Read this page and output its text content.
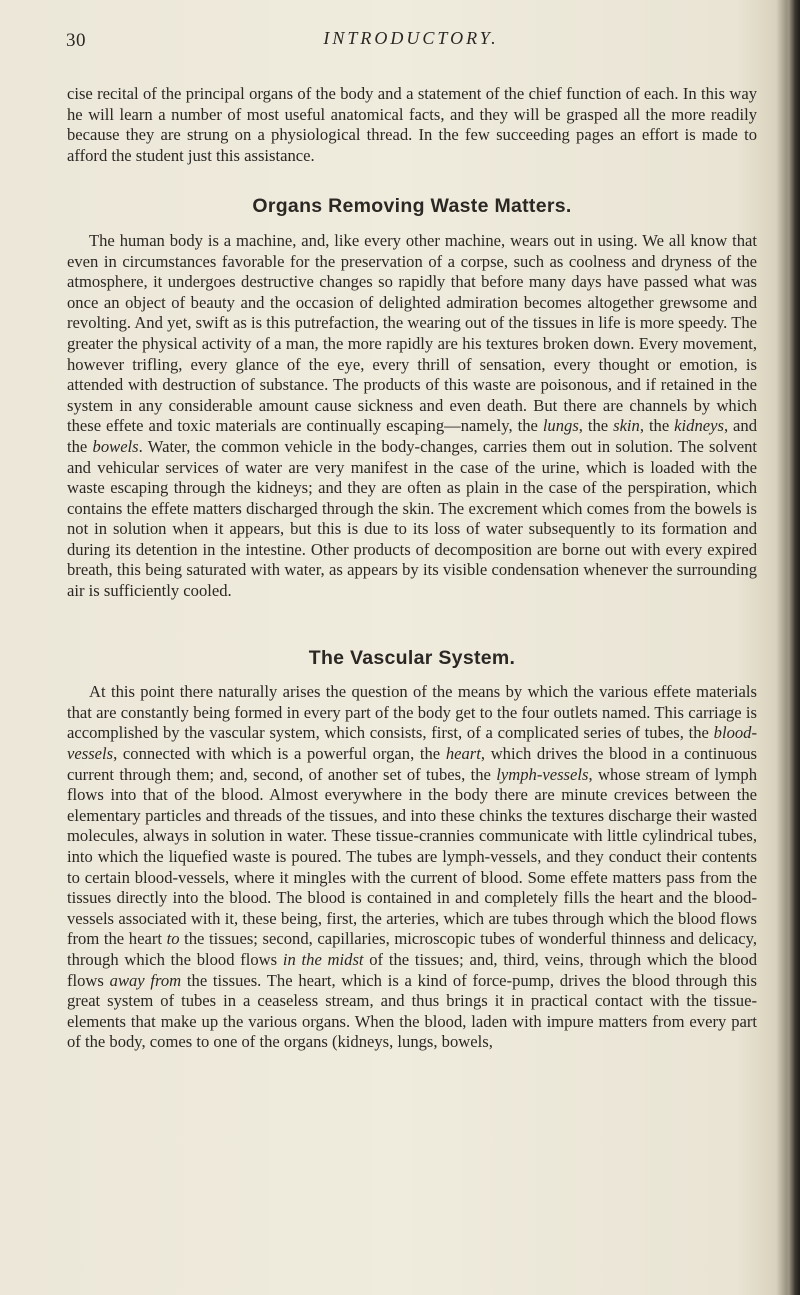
30	INTRODUCTORY.

cise recital of the principal organs of the body and a statement of the chief function of each. In this way he will learn a number of most useful anatomical facts, and they will be grasped all the more readily because they are strung on a physiological thread. In the few succeeding pages an effort is made to afford the student just this assistance.

Organs Removing Waste Matters.

The human body is a machine, and, like every other machine, wears out in using. We all know that even in circumstances favorable for the preservation of a corpse, such as coolness and dryness of the atmosphere, it undergoes destructive changes so rapidly that before many days have passed what was once an object of beauty and the occasion of delighted admiration becomes altogether grewsome and revolting. And yet, swift as is this putrefaction, the wearing out of the tissues in life is more speedy. The greater the physical activity of a man, the more rapidly are his textures broken down. Every movement, however trifling, every glance of the eye, every thrill of sensation, every thought or emotion, is attended with destruction of substance. The products of this waste are poisonous, and if retained in the system in any considerable amount cause sickness and even death. But there are channels by which these effete and toxic materials are continually escaping—namely, the lungs, the skin, the kidneys, and the bowels. Water, the common vehicle in the body-changes, carries them out in solution. The solvent and vehicular services of water are very manifest in the case of the urine, which is loaded with the waste escaping through the kidneys; and they are often as plain in the case of the perspiration, which contains the effete matters discharged through the skin. The excrement which comes from the bowels is not in solution when it appears, but this is due to its loss of water subsequently to its formation and during its detention in the intestine. Other products of decomposition are borne out with every expired breath, this being saturated with water, as appears by its visible condensation whenever the surrounding air is sufficiently cooled.

The Vascular System.

At this point there naturally arises the question of the means by which the various effete materials that are constantly being formed in every part of the body get to the four outlets named. This carriage is accomplished by the vascular system, which consists, first, of a complicated series of tubes, the blood-vessels, connected with which is a powerful organ, the heart, which drives the blood in a continuous current through them; and, second, of another set of tubes, the lymph-vessels, whose stream of lymph flows into that of the blood. Almost everywhere in the body there are minute crevices between the elementary particles and threads of the tissues, and into these chinks the textures discharge their wasted molecules, always in solution in water. These tissue-crannies communicate with little cylindrical tubes, into which the liquefied waste is poured. The tubes are lymph-vessels, and they conduct their contents to certain blood-vessels, where it mingles with the current of blood. Some effete matters pass from the tissues directly into the blood. The blood is contained in and completely fills the heart and the blood-vessels associated with it, these being, first, the arteries, which are tubes through which the blood flows from the heart to the tissues; second, capillaries, microscopic tubes of wonderful thinness and delicacy, through which the blood flows in the midst of the tissues; and, third, veins, through which the blood flows away from the tissues. The heart, which is a kind of force-pump, drives the blood through this great system of tubes in a ceaseless stream, and thus brings it in practical contact with the tissue-elements that make up the various organs. When the blood, laden with impure matters from every part of the body, comes to one of the organs (kidneys, lungs, bowels,
